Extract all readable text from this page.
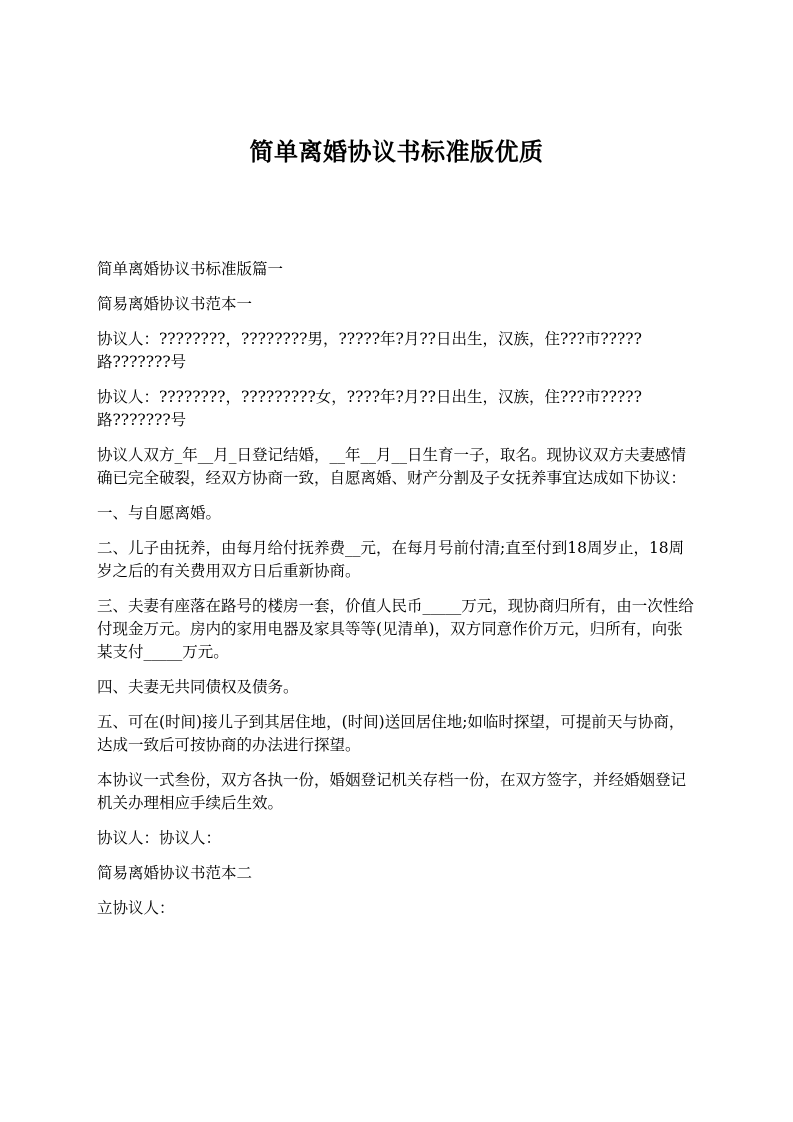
简单离婚协议书标准版优质

简单离婚协议书标准版篇一

简易离婚协议书范本一

协议人：????????，????????男，?????年?月??日出生，汉族，住???市?????路???????号

协议人：????????，?????????女，????年?月??日出生，汉族，住???市?????路???????号

协议人双方_年__月_日登记结婚，__年__月__日生育一子，取名。现协议双方夫妻感情确已完全破裂，经双方协商一致，自愿离婚、财产分割及子女抚养事宜达成如下协议：

一、与自愿离婚。

二、儿子由抚养，由每月给付抚养费__元，在每月号前付清;直至付到18周岁止，18周岁之后的有关费用双方日后重新协商。

三、夫妻有座落在路号的楼房一套，价值人民币_____万元，现协商归所有，由一次性给付现金万元。房内的家用电器及家具等等(见清单)，双方同意作价万元，归所有，向张某支付_____万元。

四、夫妻无共同债权及债务。

五、可在(时间)接儿子到其居住地，(时间)送回居住地;如临时探望，可提前天与协商，达成一致后可按协商的办法进行探望。

本协议一式叁份，双方各执一份，婚姻登记机关存档一份，在双方签字，并经婚姻登记机关办理相应手续后生效。

协议人：协议人：

简易离婚协议书范本二

立协议人：
